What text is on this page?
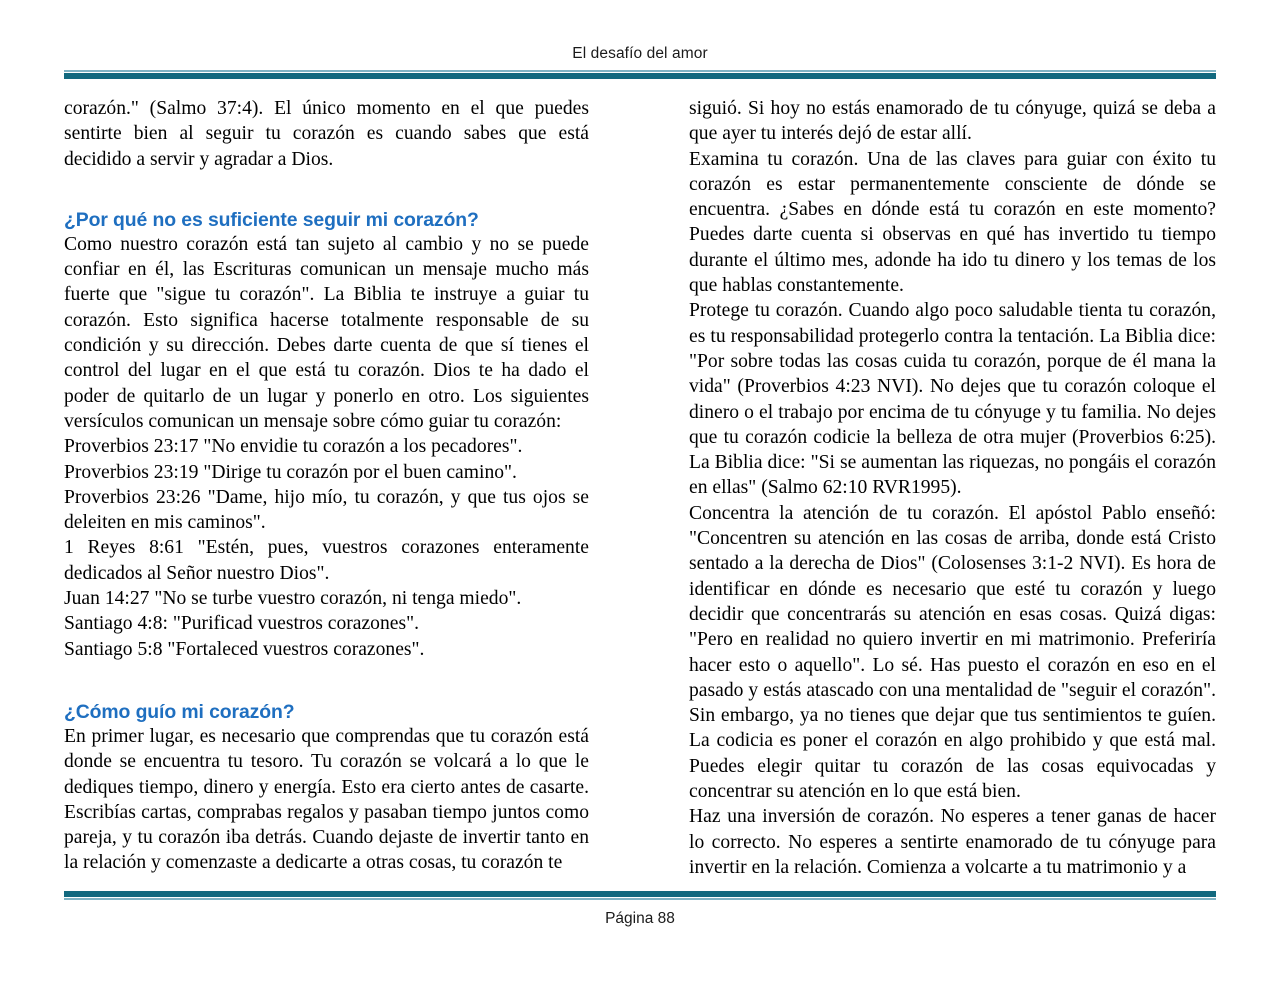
El desafío del amor

corazón." (Salmo 37:4). El único momento en el que puedes sentirte bien al seguir tu corazón es cuando sabes que está decidido a servir y agradar a Dios.

¿Por qué no es suficiente seguir mi corazón?

Como nuestro corazón está tan sujeto al cambio y no se puede confiar en él, las Escrituras comunican un mensaje mucho más fuerte que "sigue tu corazón". La Biblia te instruye a guiar tu corazón. Esto significa hacerse totalmente responsable de su condición y su dirección. Debes darte cuenta de que sí tienes el control del lugar en el que está tu corazón. Dios te ha dado el poder de quitarlo de un lugar y ponerlo en otro. Los siguientes versículos comunican un mensaje sobre cómo guiar tu corazón:

Proverbios 23:17 "No envidie tu corazón a los pecadores".

Proverbios 23:19 "Dirige tu corazón por el buen camino".

Proverbios 23:26 "Dame, hijo mío, tu corazón, y que tus ojos se deleiten en mis caminos".

1 Reyes 8:61 "Estén, pues, vuestros corazones enteramente dedicados al Señor nuestro Dios".

Juan 14:27 "No se turbe vuestro corazón, ni tenga miedo".

Santiago 4:8: "Purificad vuestros corazones".

Santiago 5:8 "Fortaleced vuestros corazones".

¿Cómo guío mi corazón?

En primer lugar, es necesario que comprendas que tu corazón está donde se encuentra tu tesoro. Tu corazón se volcará a lo que le dediques tiempo, dinero y energía. Esto era cierto antes de casarte. Escribías cartas, comprabas regalos y pasaban tiempo juntos como pareja, y tu corazón iba detrás. Cuando dejaste de invertir tanto en la relación y comenzaste a dedicarte a otras cosas, tu corazón te

siguió. Si hoy no estás enamorado de tu cónyuge, quizá se deba a que ayer tu interés dejó de estar allí.

Examina tu corazón. Una de las claves para guiar con éxito tu corazón es estar permanentemente consciente de dónde se encuentra. ¿Sabes en dónde está tu corazón en este momento? Puedes darte cuenta si observas en qué has invertido tu tiempo durante el último mes, adonde ha ido tu dinero y los temas de los que hablas constantemente.

Protege tu corazón. Cuando algo poco saludable tienta tu corazón, es tu responsabilidad protegerlo contra la tentación. La Biblia dice: "Por sobre todas las cosas cuida tu corazón, porque de él mana la vida" (Proverbios 4:23 NVI). No dejes que tu corazón coloque el dinero o el trabajo por encima de tu cónyuge y tu familia. No dejes que tu corazón codicie la belleza de otra mujer (Proverbios 6:25). La Biblia dice: "Si se aumentan las riquezas, no pongáis el corazón en ellas" (Salmo 62:10 RVR1995).

Concentra la atención de tu corazón. El apóstol Pablo enseñó: "Concentren su atención en las cosas de arriba, donde está Cristo sentado a la derecha de Dios" (Colosenses 3:1-2 NVI). Es hora de identificar en dónde es necesario que esté tu corazón y luego decidir que concentrarás su atención en esas cosas. Quizá digas: "Pero en realidad no quiero invertir en mi matrimonio. Preferiría hacer esto o aquello". Lo sé. Has puesto el corazón en eso en el pasado y estás atascado con una mentalidad de "seguir el corazón". Sin embargo, ya no tienes que dejar que tus sentimientos te guíen. La codicia es poner el corazón en algo prohibido y que está mal. Puedes elegir quitar tu corazón de las cosas equivocadas y concentrar su atención en lo que está bien.

Haz una inversión de corazón. No esperes a tener ganas de hacer lo correcto. No esperes a sentirte enamorado de tu cónyuge para invertir en la relación. Comienza a volcarte a tu matrimonio y a

Página 88
